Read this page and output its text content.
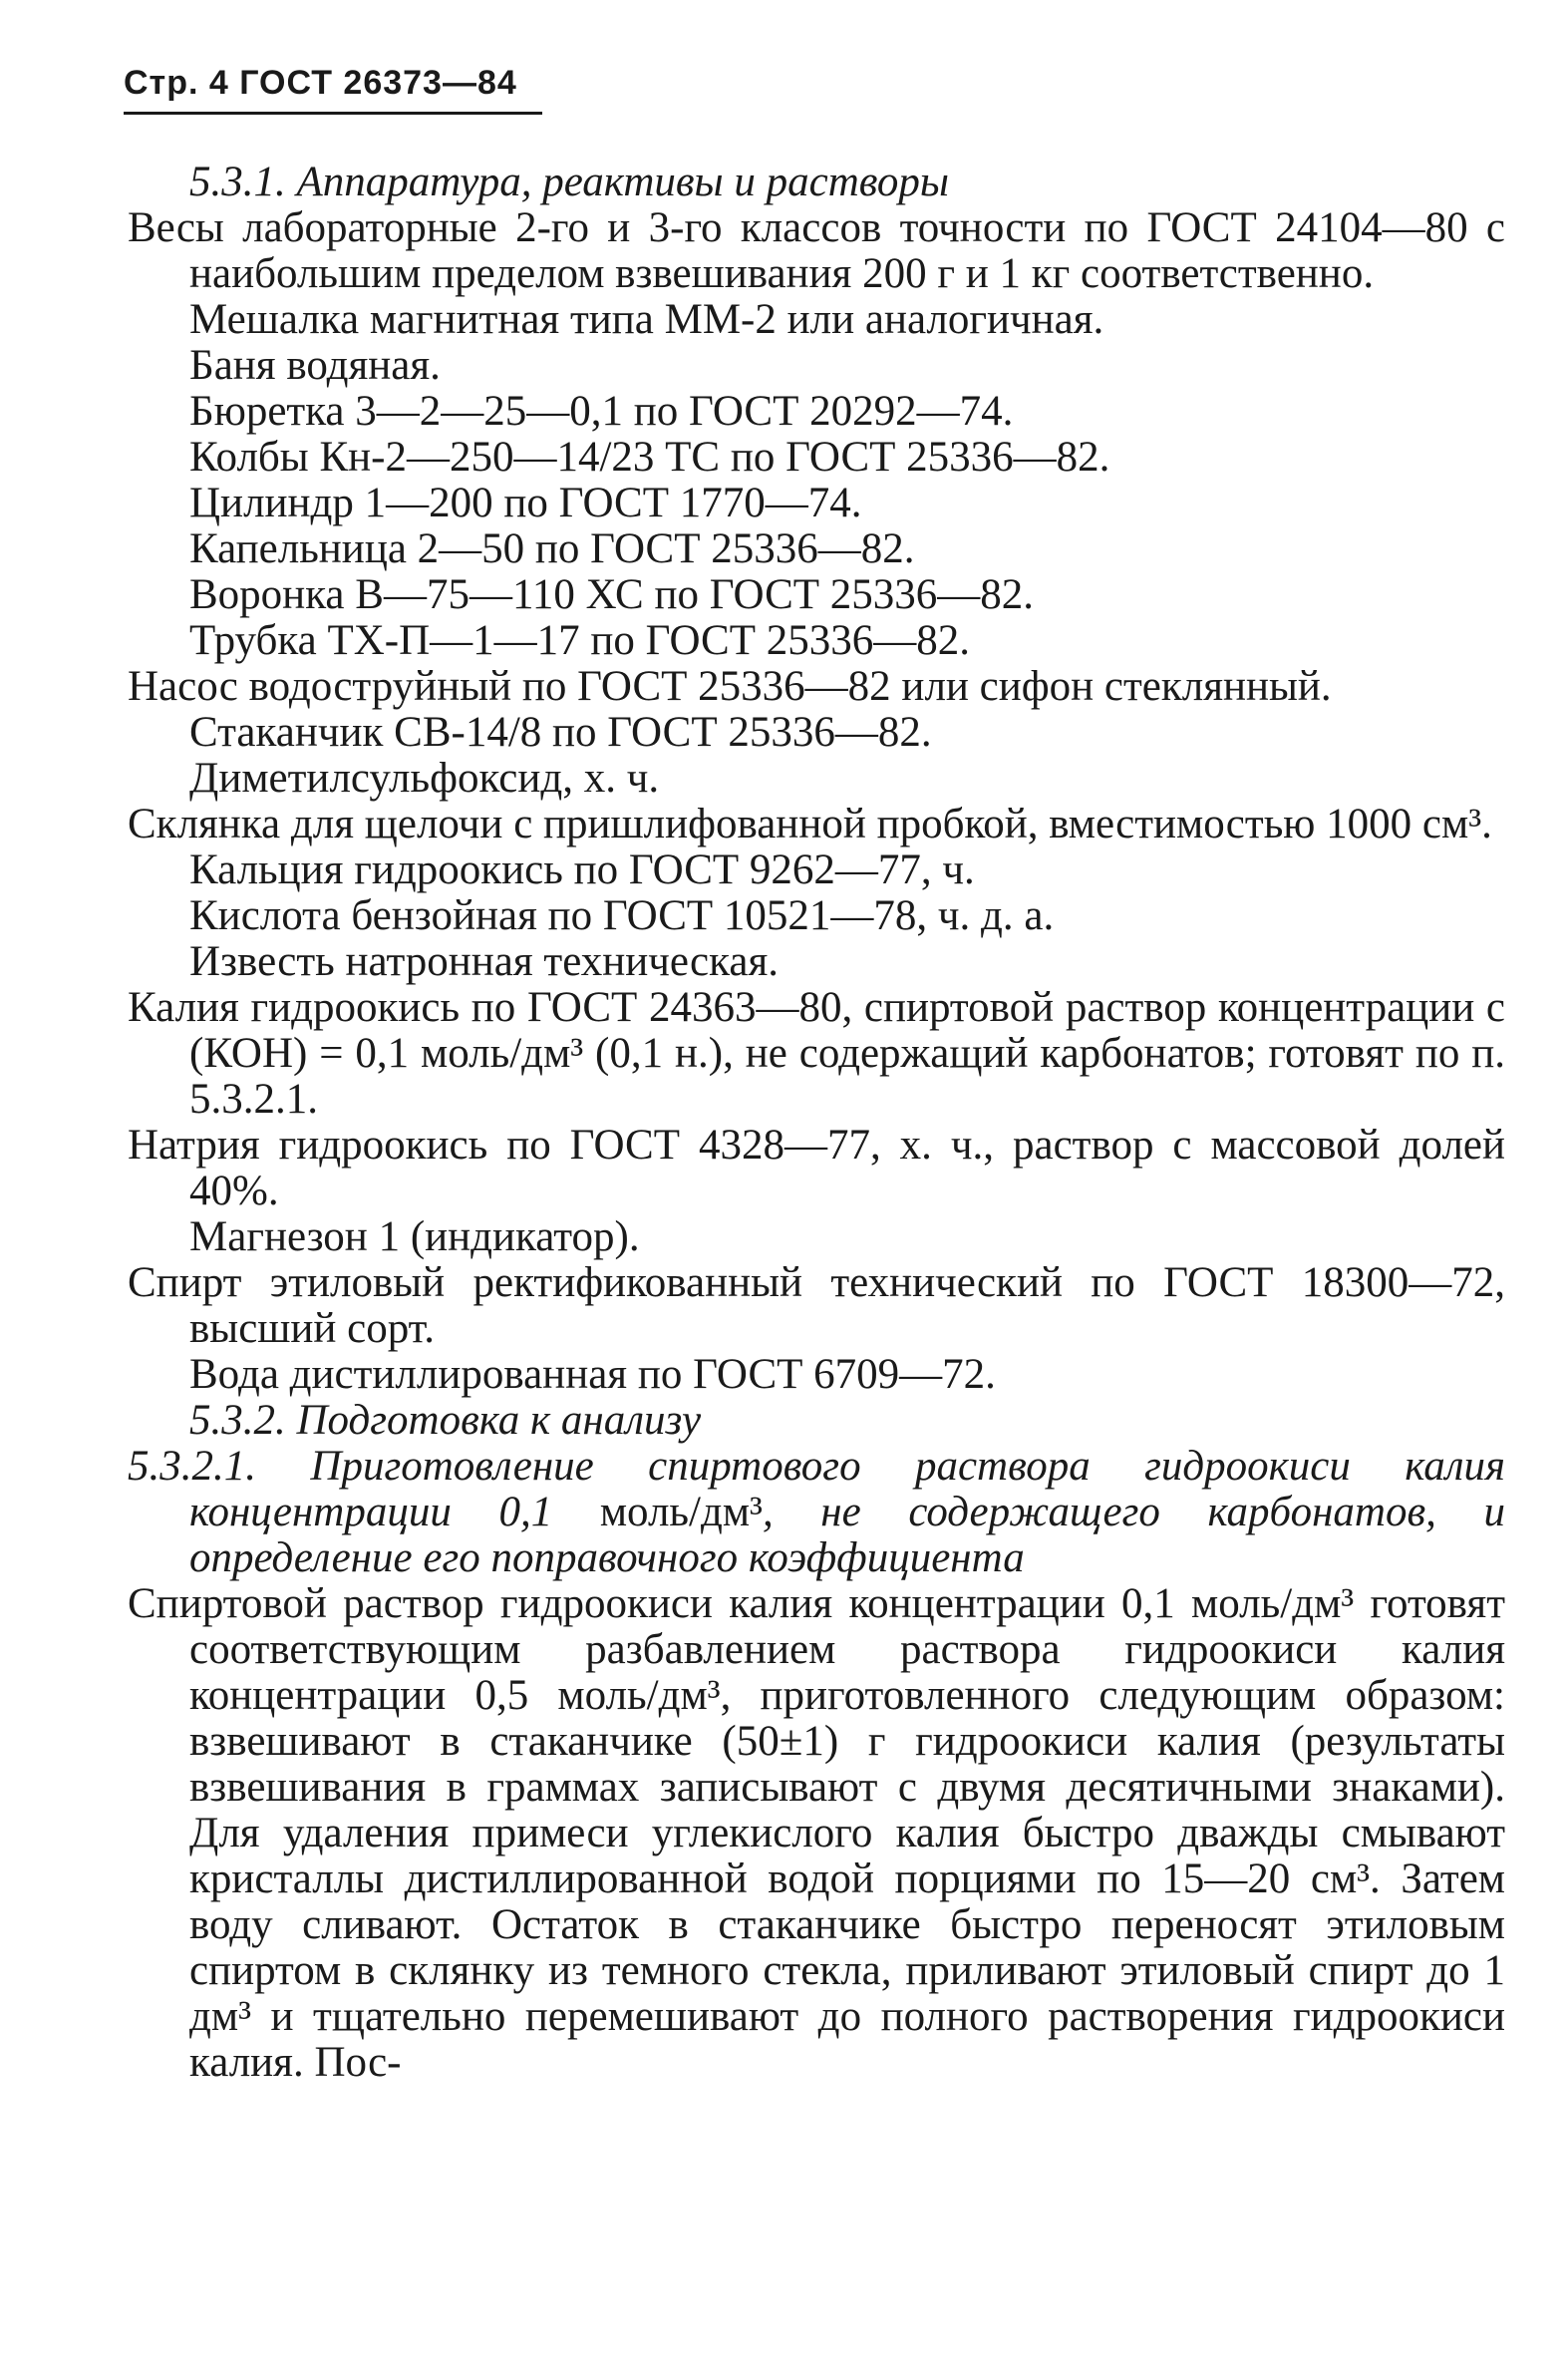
Стр. 4 ГОСТ 26373—84

5.3.1. Аппаратура, реактивы и растворы

Весы лабораторные 2-го и 3-го классов точности по ГОСТ 24104—80 с наибольшим пределом взвешивания 200 г и 1 кг соответственно.

Мешалка магнитная типа ММ-2 или аналогичная.

Баня водяная.

Бюретка 3—2—25—0,1 по ГОСТ 20292—74.

Колбы Кн-2—250—14/23 ТС по ГОСТ 25336—82.

Цилиндр 1—200 по ГОСТ 1770—74.

Капельница 2—50 по ГОСТ 25336—82.

Воронка В—75—110 ХС по ГОСТ 25336—82.

Трубка ТХ-П—1—17 по ГОСТ 25336—82.

Насос водоструйный по ГОСТ 25336—82 или сифон стеклянный.

Стаканчик СВ-14/8 по ГОСТ 25336—82.

Диметилсульфоксид, х. ч.

Склянка для щелочи с пришлифованной пробкой, вместимостью 1000 см³.

Кальция гидроокись по ГОСТ 9262—77, ч.

Кислота бензойная по ГОСТ 10521—78, ч. д. а.

Известь натронная техническая.

Калия гидроокись по ГОСТ 24363—80, спиртовой раствор концентрации с (КОН) = 0,1 моль/дм³ (0,1 н.), не содержащий карбонатов; готовят по п. 5.3.2.1.

Натрия гидроокись по ГОСТ 4328—77, х. ч., раствор с массовой долей 40%.

Магнезон 1 (индикатор).

Спирт этиловый ректификованный технический по ГОСТ 18300—72, высший сорт.

Вода дистиллированная по ГОСТ 6709—72.

5.3.2. Подготовка к анализу

5.3.2.1. Приготовление спиртового раствора гидроокиси калия концентрации 0,1 моль/дм³, не содержащего карбонатов, и определение его поправочного коэффициента

Спиртовой раствор гидроокиси калия концентрации 0,1 моль/дм³ готовят соответствующим разбавлением раствора гидроокиси калия концентрации 0,5 моль/дм³, приготовленного следующим образом: взвешивают в стаканчике (50±1) г гидроокиси калия (результаты взвешивания в граммах записывают с двумя десятичными знаками). Для удаления примеси углекислого калия быстро дважды смывают кристаллы дистиллированной водой порциями по 15—20 см³. Затем воду сливают. Остаток в стаканчике быстро переносят этиловым спиртом в склянку из темного стекла, приливают этиловый спирт до 1 дм³ и тщательно перемешивают до полного растворения гидроокиси калия. Пос-
